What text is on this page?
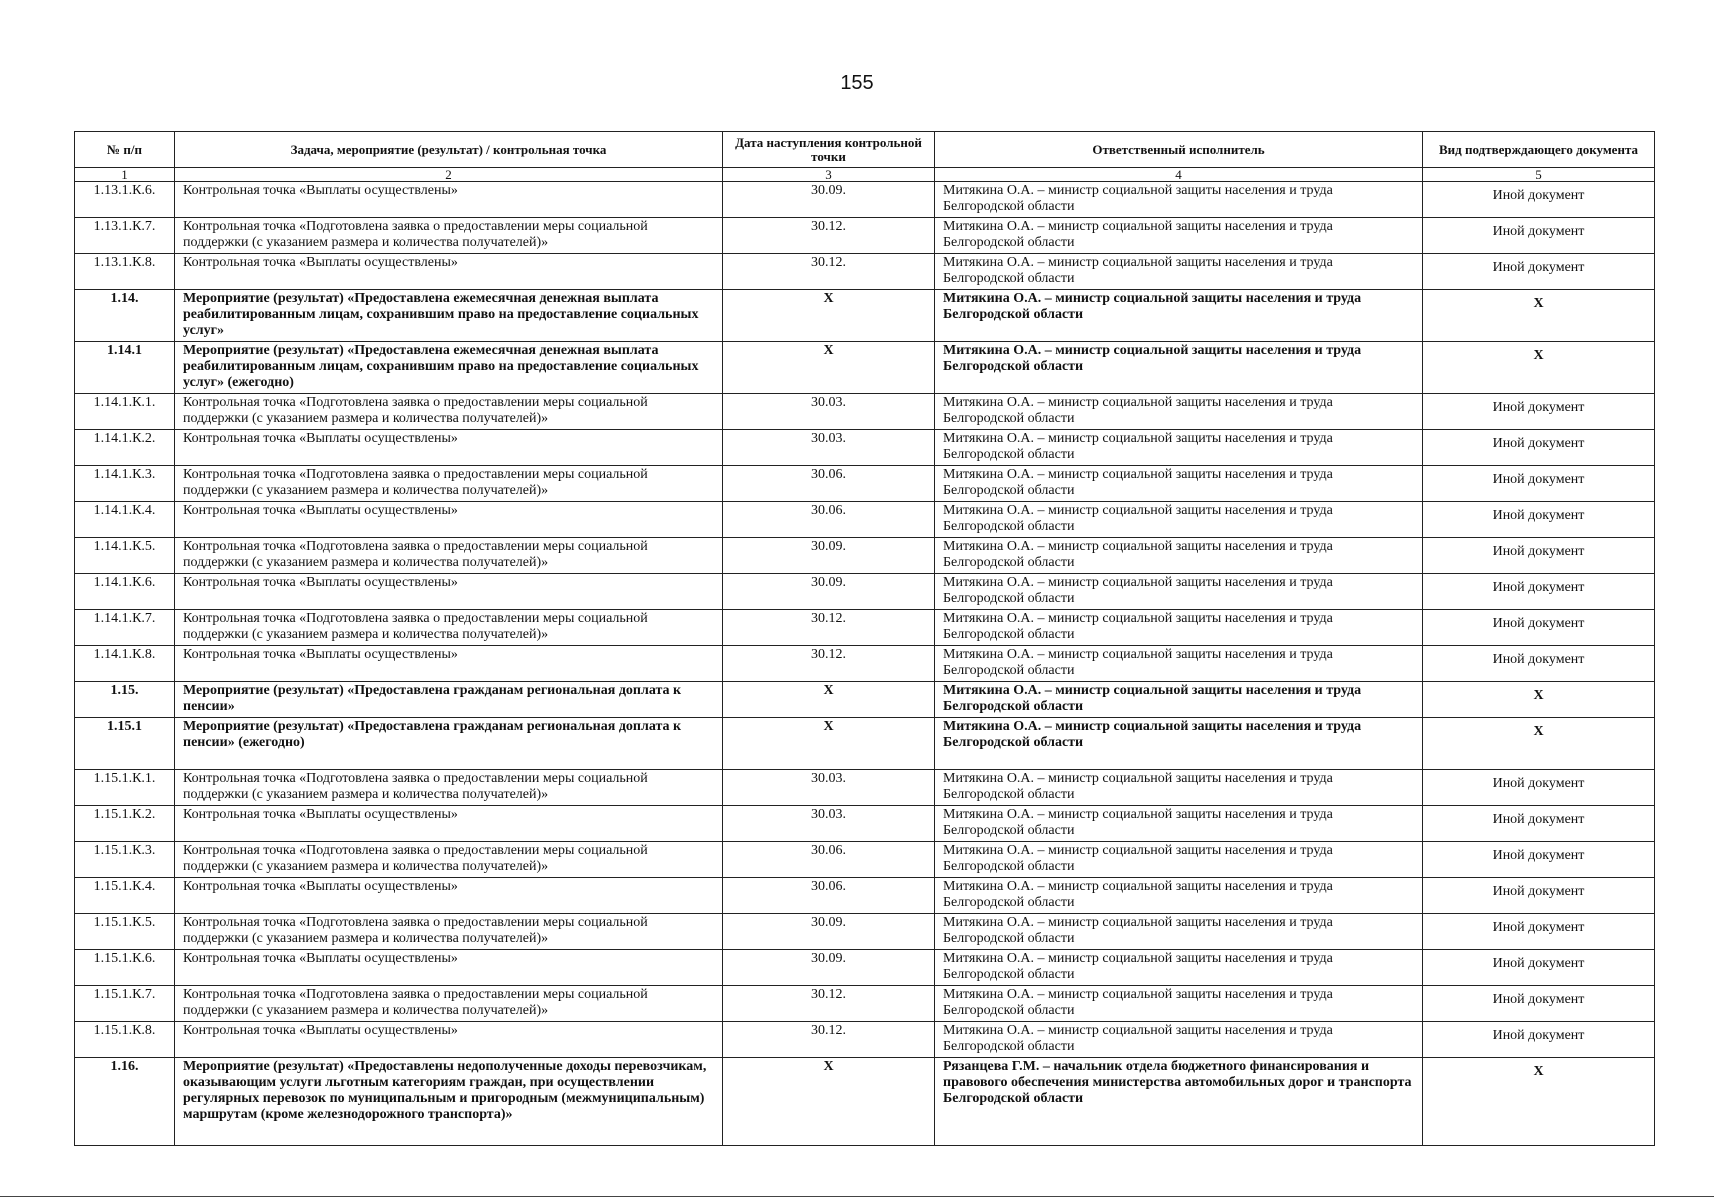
155
№ п/п	Задача, мероприятие (результат) / контрольная точка	Дата наступления контрольной точки	Ответственный исполнитель	Вид подтверждающего документа
1	2	3	4	5
1.13.1.К.6.	Контрольная точка «Выплаты осуществлены»	30.09.	Митякина О.А. – министр социальной защиты населения и труда Белгородской области	Иной документ
1.13.1.К.7.	Контрольная точка «Подготовлена заявка о предоставлении меры социальной поддержки (с указанием размера и количества получателей)»	30.12.	Митякина О.А. – министр социальной защиты населения и труда Белгородской области	Иной документ
1.13.1.К.8.	Контрольная точка «Выплаты осуществлены»	30.12.	Митякина О.А. – министр социальной защиты населения и труда Белгородской области	Иной документ
1.14.	Мероприятие (результат) «Предоставлена ежемесячная денежная выплата реабилитированным лицам, сохранившим право на предоставление социальных услуг»	X	Митякина О.А. – министр социальной защиты населения и труда Белгородской области	X
1.14.1	Мероприятие (результат) «Предоставлена ежемесячная денежная выплата реабилитированным лицам, сохранившим право на предоставление социальных услуг» (ежегодно)	X	Митякина О.А. – министр социальной защиты населения и труда Белгородской области	X
1.14.1.К.1.	Контрольная точка «Подготовлена заявка о предоставлении меры социальной поддержки (с указанием размера и количества получателей)»	30.03.	Митякина О.А. – министр социальной защиты населения и труда Белгородской области	Иной документ
1.14.1.К.2.	Контрольная точка «Выплаты осуществлены»	30.03.	Митякина О.А. – министр социальной защиты населения и труда Белгородской области	Иной документ
1.14.1.К.3.	Контрольная точка «Подготовлена заявка о предоставлении меры социальной поддержки (с указанием размера и количества получателей)»	30.06.	Митякина О.А. – министр социальной защиты населения и труда Белгородской области	Иной документ
1.14.1.К.4.	Контрольная точка «Выплаты осуществлены»	30.06.	Митякина О.А. – министр социальной защиты населения и труда Белгородской области	Иной документ
1.14.1.К.5.	Контрольная точка «Подготовлена заявка о предоставлении меры социальной поддержки (с указанием размера и количества получателей)»	30.09.	Митякина О.А. – министр социальной защиты населения и труда Белгородской области	Иной документ
1.14.1.К.6.	Контрольная точка «Выплаты осуществлены»	30.09.	Митякина О.А. – министр социальной защиты населения и труда Белгородской области	Иной документ
1.14.1.К.7.	Контрольная точка «Подготовлена заявка о предоставлении меры социальной поддержки (с указанием размера и количества получателей)»	30.12.	Митякина О.А. – министр социальной защиты населения и труда Белгородской области	Иной документ
1.14.1.К.8.	Контрольная точка «Выплаты осуществлены»	30.12.	Митякина О.А. – министр социальной защиты населения и труда Белгородской области	Иной документ
1.15.	Мероприятие (результат) «Предоставлена гражданам региональная доплата к пенсии»	X	Митякина О.А. – министр социальной защиты населения и труда Белгородской области	X
1.15.1	Мероприятие (результат) «Предоставлена гражданам региональная доплата к пенсии» (ежегодно)	X	Митякина О.А. – министр социальной защиты населения и труда Белгородской области	X
1.15.1.К.1.	Контрольная точка «Подготовлена заявка о предоставлении меры социальной поддержки (с указанием размера и количества получателей)»	30.03.	Митякина О.А. – министр социальной защиты населения и труда Белгородской области	Иной документ
1.15.1.К.2.	Контрольная точка «Выплаты осуществлены»	30.03.	Митякина О.А. – министр социальной защиты населения и труда Белгородской области	Иной документ
1.15.1.К.3.	Контрольная точка «Подготовлена заявка о предоставлении меры социальной поддержки (с указанием размера и количества получателей)»	30.06.	Митякина О.А. – министр социальной защиты населения и труда Белгородской области	Иной документ
1.15.1.К.4.	Контрольная точка «Выплаты осуществлены»	30.06.	Митякина О.А. – министр социальной защиты населения и труда Белгородской области	Иной документ
1.15.1.К.5.	Контрольная точка «Подготовлена заявка о предоставлении меры социальной поддержки (с указанием размера и количества получателей)»	30.09.	Митякина О.А. – министр социальной защиты населения и труда Белгородской области	Иной документ
1.15.1.К.6.	Контрольная точка «Выплаты осуществлены»	30.09.	Митякина О.А. – министр социальной защиты населения и труда Белгородской области	Иной документ
1.15.1.К.7.	Контрольная точка «Подготовлена заявка о предоставлении меры социальной поддержки (с указанием размера и количества получателей)»	30.12.	Митякина О.А. – министр социальной защиты населения и труда Белгородской области	Иной документ
1.15.1.К.8.	Контрольная точка «Выплаты осуществлены»	30.12.	Митякина О.А. – министр социальной защиты населения и труда Белгородской области	Иной документ
1.16.	Мероприятие (результат) «Предоставлены недополученные доходы перевозчикам, оказывающим услуги льготным категориям граждан, при осуществлении регулярных перевозок по муниципальным и пригородным (межмуниципальным) маршрутам (кроме железнодорожного транспорта)»	X	Рязанцева Г.М. – начальник отдела бюджетного финансирования и правового обеспечения министерства автомобильных дорог и транспорта Белгородской области	X
